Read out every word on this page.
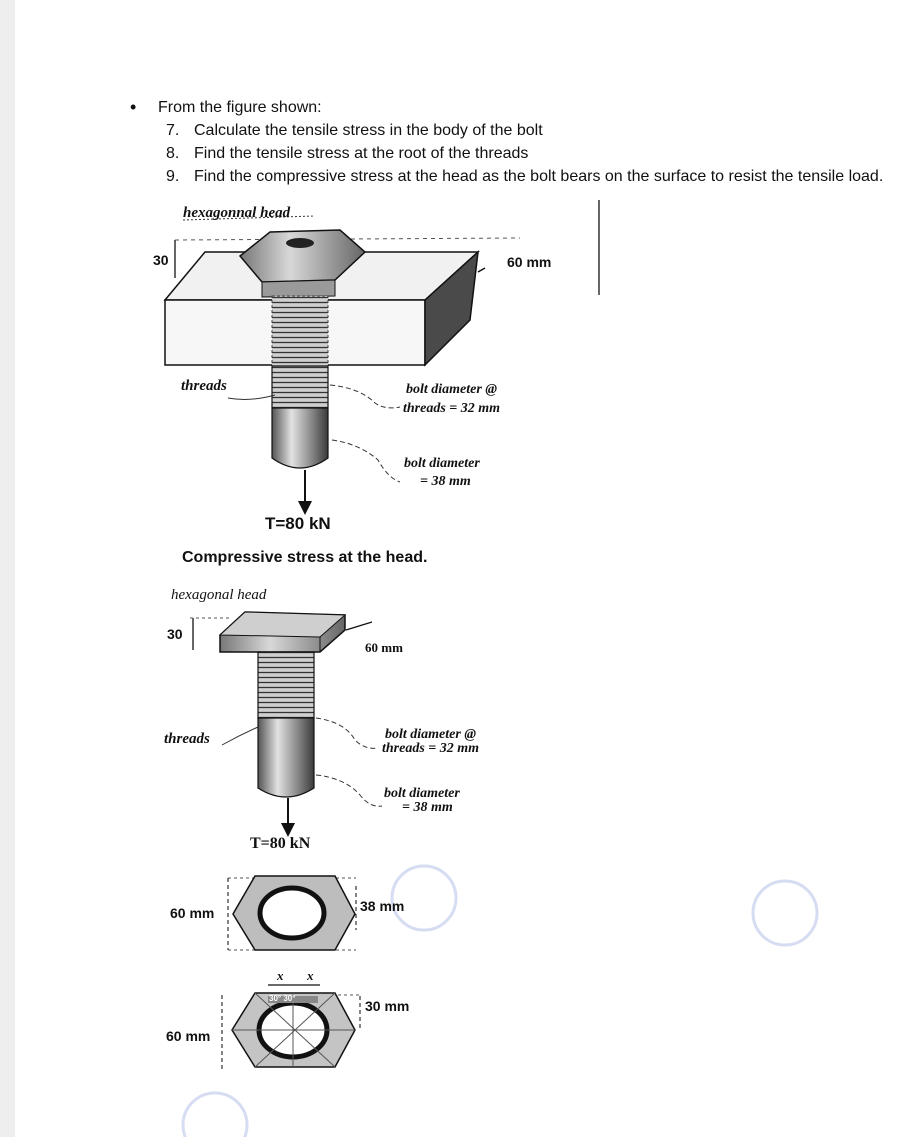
• From the figure shown:
7. Calculate the tensile stress in the body of the bolt
8. Find the tensile stress at the root of the threads
9. Find the compressive stress at the head as the bolt bears on the surface to resist the tensile load.
hexagonnal head
30	60 mm
threads	bolt diameter @
threads = 32 mm
bolt diameter
= 38 mm
T=80 kN
Compressive stress at the head.
hexagonal head
30
60 mm
threads	bolt diameter @
threads = 32 mm
bolt diameter
= 38 mm
T=80 kN
60 mm	38 mm
60 mm
30 mm
x x
30° 30°
